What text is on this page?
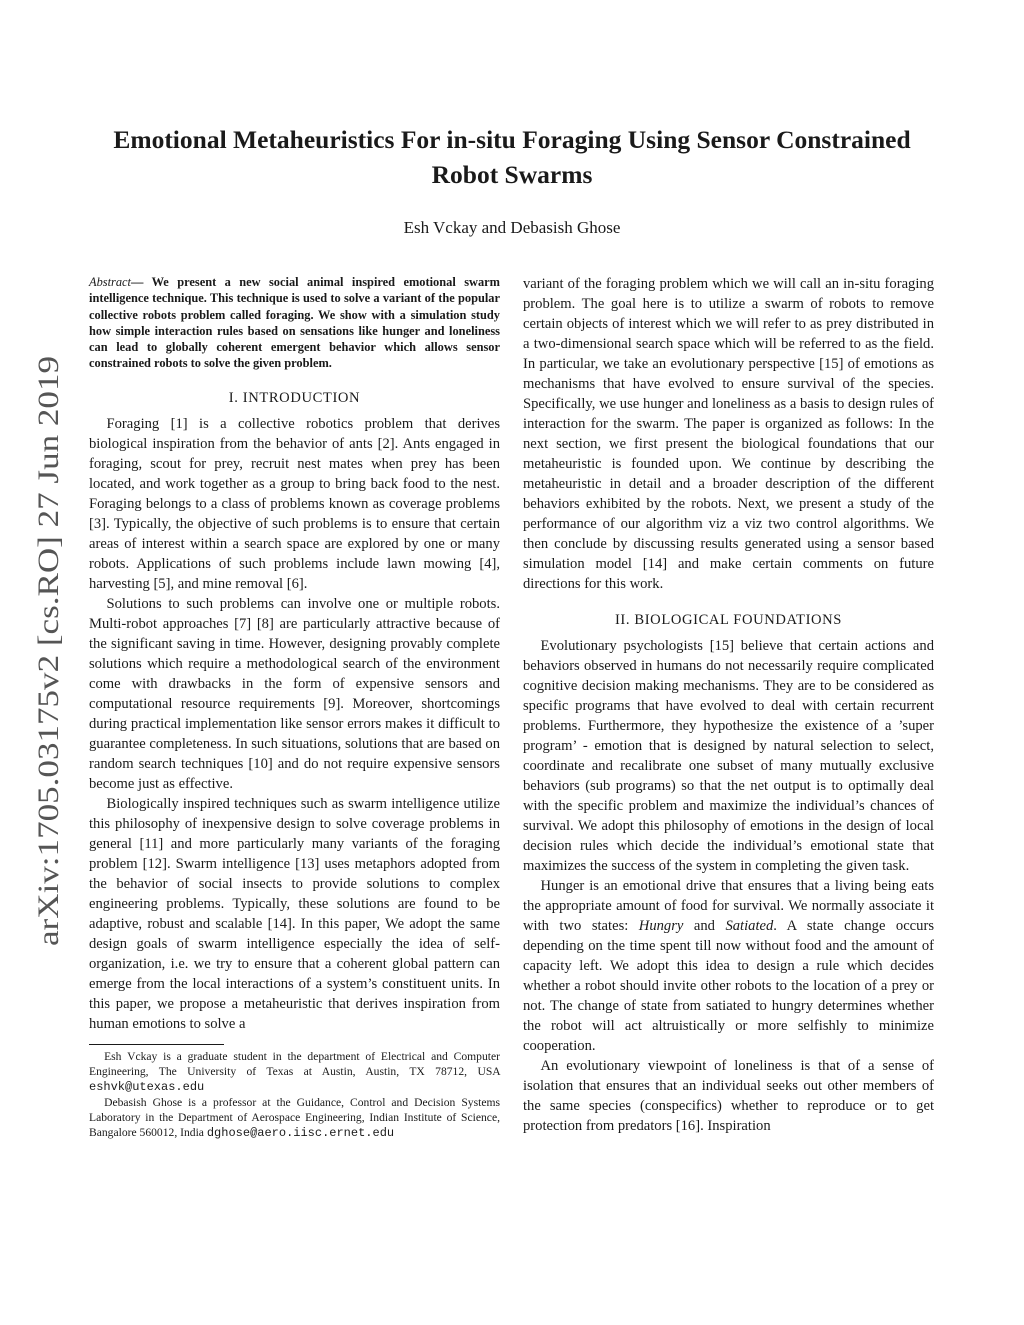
Emotional Metaheuristics For in-situ Foraging Using Sensor Constrained Robot Swarms
Esh Vckay and Debasish Ghose
arXiv:1705.03175v2 [cs.RO] 27 Jun 2019

Abstract— We present a new social animal inspired emotional swarm intelligence technique. This technique is used to solve a variant of the popular collective robots problem called foraging. We show with a simulation study how simple interaction rules based on sensations like hunger and loneliness can lead to globally coherent emergent behavior which allows sensor constrained robots to solve the given problem.

I. INTRODUCTION

Foraging [1] is a collective robotics problem that derives biological inspiration from the behavior of ants [2]. Ants engaged in foraging, scout for prey, recruit nest mates when prey has been located, and work together as a group to bring back food to the nest. Foraging belongs to a class of problems known as coverage problems [3]. Typically, the objective of such problems is to ensure that certain areas of interest within a search space are explored by one or many robots. Applications of such problems include lawn mowing [4], harvesting [5], and mine removal [6].

Solutions to such problems can involve one or multiple robots. Multi-robot approaches [7] [8] are particularly attractive because of the significant saving in time. However, designing provably complete solutions which require a methodological search of the environment come with drawbacks in the form of expensive sensors and computational resource requirements [9]. Moreover, shortcomings during practical implementation like sensor errors makes it difficult to guarantee completeness. In such situations, solutions that are based on random search techniques [10] and do not require expensive sensors become just as effective.

Biologically inspired techniques such as swarm intelligence utilize this philosophy of inexpensive design to solve coverage problems in general [11] and more particularly many variants of the foraging problem [12]. Swarm intelligence [13] uses metaphors adopted from the behavior of social insects to provide solutions to complex engineering problems. Typically, these solutions are found to be adaptive, robust and scalable [14]. In this paper, We adopt the same design goals of swarm intelligence especially the idea of self-organization, i.e. we try to ensure that a coherent global pattern can emerge from the local interactions of a system’s constituent units. In this paper, we propose a metaheuristic that derives inspiration from human emotions to solve a

Esh Vckay is a graduate student in the department of Electrical and Computer Engineering, The University of Texas at Austin, Austin, TX 78712, USA eshvk@utexas.edu

Debasish Ghose is a professor at the Guidance, Control and Decision Systems Laboratory in the Department of Aerospace Engineering, Indian Institute of Science, Bangalore 560012, India dghose@aero.iisc.ernet.edu

variant of the foraging problem which we will call an in-situ foraging problem. The goal here is to utilize a swarm of robots to remove certain objects of interest which we will refer to as prey distributed in a two-dimensional search space which will be referred to as the field. In particular, we take an evolutionary perspective [15] of emotions as mechanisms that have evolved to ensure survival of the species. Specifically, we use hunger and loneliness as a basis to design rules of interaction for the swarm. The paper is organized as follows: In the next section, we first present the biological foundations that our metaheuristic is founded upon. We continue by describing the metaheuristic in detail and a broader description of the different behaviors exhibited by the robots. Next, we present a study of the performance of our algorithm viz a viz two control algorithms. We then conclude by discussing results generated using a sensor based simulation model [14] and make certain comments on future directions for this work.

II. BIOLOGICAL FOUNDATIONS

Evolutionary psychologists [15] believe that certain actions and behaviors observed in humans do not necessarily require complicated cognitive decision making mechanisms. They are to be considered as specific programs that have evolved to deal with certain recurrent problems. Furthermore, they hypothesize the existence of a ’super program’ - emotion that is designed by natural selection to select, coordinate and recalibrate one subset of many mutually exclusive behaviors (sub programs) so that the net output is to optimally deal with the specific problem and maximize the individual’s chances of survival. We adopt this philosophy of emotions in the design of local decision rules which decide the individual’s emotional state that maximizes the success of the system in completing the given task.

Hunger is an emotional drive that ensures that a living being eats the appropriate amount of food for survival. We normally associate it with two states: Hungry and Satiated. A state change occurs depending on the time spent till now without food and the amount of capacity left. We adopt this idea to design a rule which decides whether a robot should invite other robots to the location of a prey or not. The change of state from satiated to hungry determines whether the robot will act altruistically or more selfishly to minimize cooperation.

An evolutionary viewpoint of loneliness is that of a sense of isolation that ensures that an individual seeks out other members of the same species (conspecifics) whether to reproduce or to get protection from predators [16]. Inspiration
